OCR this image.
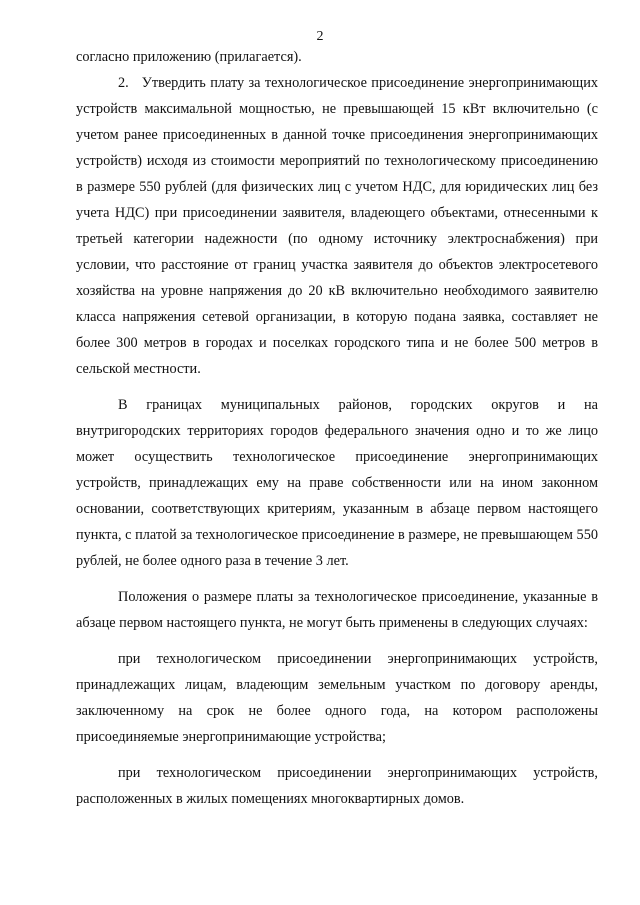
2

согласно приложению (прилагается).

2.   Утвердить плату за технологическое присоединение энергопринимающих устройств максимальной мощностью, не превышающей 15 кВт включительно (с учетом ранее присоединенных в данной точке присоединения энергопринимающих устройств) исходя из стоимости мероприятий по технологическому присоединению в размере 550 рублей (для физических лиц с учетом НДС, для юридических лиц без учета НДС) при присоединении заявителя, владеющего объектами, отнесенными к третьей категории надежности (по одному источнику электроснабжения) при условии, что расстояние от границ участка заявителя до объектов электросетевого хозяйства на уровне напряжения до 20 кВ включительно необходимого заявителю класса напряжения сетевой организации, в которую подана заявка, составляет не более 300 метров в городах и поселках городского типа и не более 500 метров в сельской местности.

В границах муниципальных районов, городских округов и на внутригородских территориях городов федерального значения одно и то же лицо может осуществить технологическое присоединение энергопринимающих устройств, принадлежащих ему на праве собственности или на ином законном основании, соответствующих критериям, указанным в абзаце первом настоящего пункта, с платой за технологическое присоединение в размере, не превышающем 550 рублей, не более одного раза в течение 3 лет.

Положения о размере платы за технологическое присоединение, указанные в абзаце первом настоящего пункта, не могут быть применены в следующих случаях:

при технологическом присоединении энергопринимающих устройств, принадлежащих лицам, владеющим земельным участком по договору аренды, заключенному на срок не более одного года, на котором расположены присоединяемые энергопринимающие устройства;

при технологическом присоединении энергопринимающих устройств, расположенных в жилых помещениях многоквартирных домов.
